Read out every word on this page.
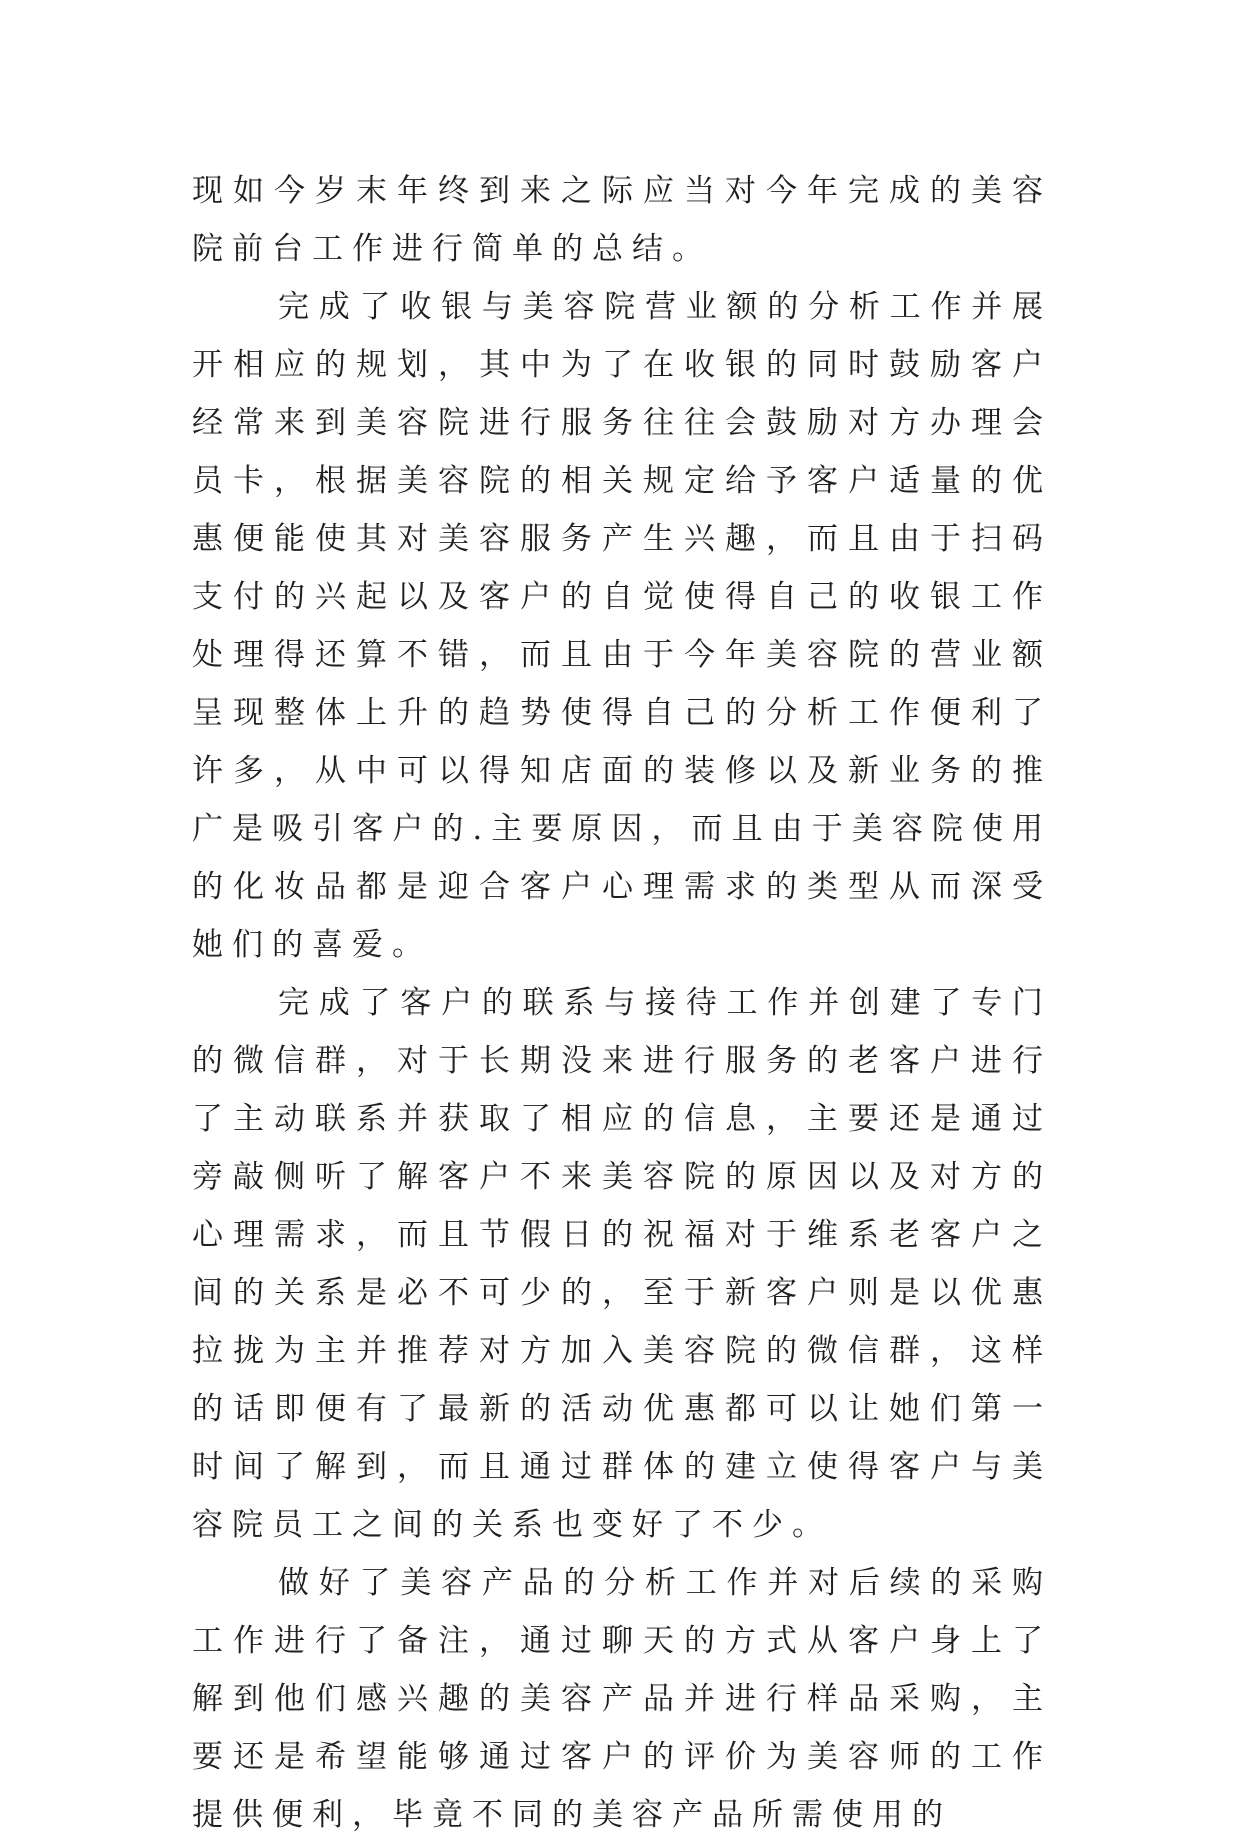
现如今岁末年终到来之际应当对今年完成的美容院前台工作进行简单的总结。

完成了收银与美容院营业额的分析工作并展开相应的规划，其中为了在收银的同时鼓励客户经常来到美容院进行服务往往会鼓励对方办理会员卡，根据美容院的相关规定给予客户适量的优惠便能使其对美容服务产生兴趣，而且由于扫码支付的兴起以及客户的自觉使得自己的收银工作处理得还算不错，而且由于今年美容院的营业额呈现整体上升的趋势使得自己的分析工作便利了许多，从中可以得知店面的装修以及新业务的推广是吸引客户的.主要原因，而且由于美容院使用的化妆品都是迎合客户心理需求的类型从而深受她们的喜爱。

完成了客户的联系与接待工作并创建了专门的微信群，对于长期没来进行服务的老客户进行了主动联系并获取了相应的信息，主要还是通过旁敲侧听了解客户不来美容院的原因以及对方的心理需求，而且节假日的祝福对于维系老客户之间的关系是必不可少的，至于新客户则是以优惠拉拢为主并推荐对方加入美容院的微信群，这样的话即便有了最新的活动优惠都可以让她们第一时间了解到，而且通过群体的建立使得客户与美容院员工之间的关系也变好了不少。

做好了美容产品的分析工作并对后续的采购工作进行了备注，通过聊天的方式从客户身上了解到他们感兴趣的美容产品并进行样品采购，主要还是希望能够通过客户的评价为美容师的工作提供便利，毕竟不同的美容产品所需使用的
